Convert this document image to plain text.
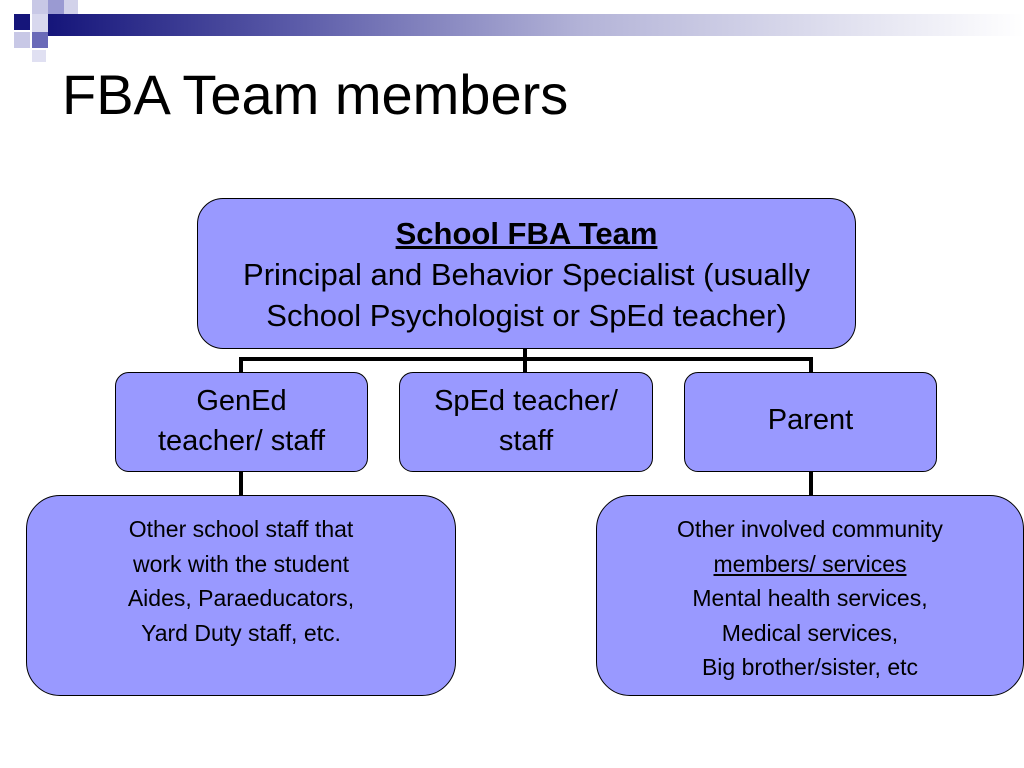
FBA Team members
School FBA Team
Principal and Behavior Specialist (usually
School Psychologist or SpEd teacher)
GenEd
teacher/ staff
SpEd teacher/
staff
Parent
Other school staff that
work with the student
Aides, Paraeducators,
Yard Duty staff, etc.
Other involved community
members/ services
Mental health services,
Medical services,
Big brother/sister, etc
